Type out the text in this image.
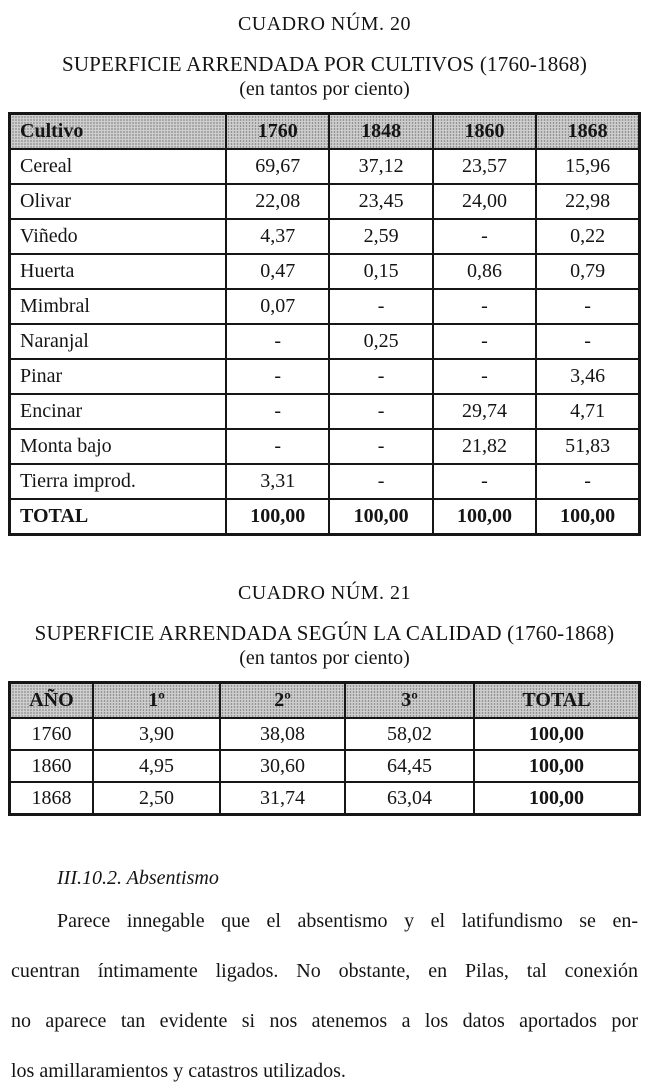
CUADRO NÚM. 20
SUPERFICIE ARRENDADA POR CULTIVOS (1760-1868)
(en tantos por ciento)
Cultivo	1760	1848	1860	1868
Cereal	69,67	37,12	23,57	15,96
Olivar	22,08	23,45	24,00	22,98
Viñedo	4,37	2,59	-	0,22
Huerta	0,47	0,15	0,86	0,79
Mimbral	0,07	-	-	-
Naranjal	-	0,25	-	-
Pinar	-	-	-	3,46
Encinar	-	-	29,74	4,71
Monta bajo	-	-	21,82	51,83
Tierra improd.	3,31	-	-	-
TOTAL	100,00	100,00	100,00	100,00
CUADRO NÚM. 21
SUPERFICIE ARRENDADA SEGÚN LA CALIDAD (1760-1868)
(en tantos por ciento)
AÑO	1º	2º	3º	TOTAL
1760	3,90	38,08	58,02	100,00
1860	4,95	30,60	64,45	100,00
1868	2,50	31,74	63,04	100,00
III.10.2. Absentismo
Parece innegable que el absentismo y el latifundismo se en-
cuentran íntimamente ligados. No obstante, en Pilas, tal conexión
no aparece tan evidente si nos atenemos a los datos aportados por
los amillaramientos y catastros utilizados.
